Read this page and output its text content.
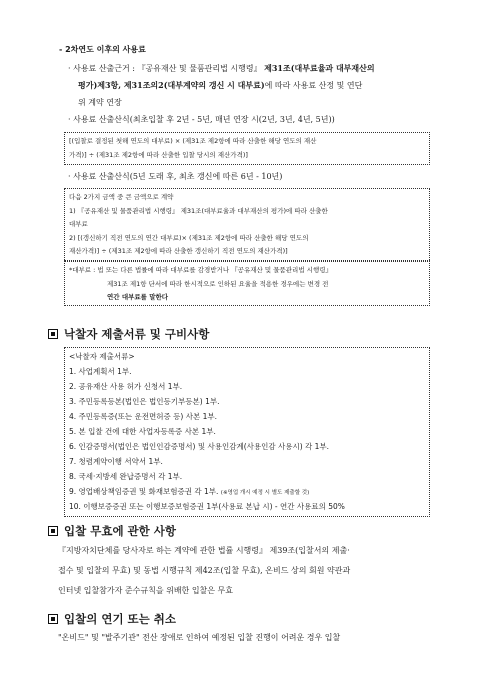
- 2차연도 이후의 사용료
· 사용료 산출근거 : 『공유재산 및 물품관리법 시행령』 제31조(대부료율과 대부재산의
평가)제3항, 제31조의2(대부계약의 갱신 시 대부료)에 따라 사용료 산정 및 연단
위 계약 연장
· 사용료 산출산식(최초입찰 후 2년 - 5년, 매년 연장 시(2년, 3년, 4년, 5년))
[(입찰로 결정된 첫해 연도의 대부료) × (제31조 제2항에 따라 산출한 해당 연도의 재산
가격)] ÷ (제31조 제2항에 따라 산출한 입찰 당시의 재산가격)]
· 사용료 산출산식(5년 도래 후, 최초 갱신에 따른 6년 - 10년)
다음 2가지 금액 중 큰 금액으로 계약
1) 『공유재산 및 물품관리법 시행령』 제31조(대부료율과 대부재산의 평가)에 따라 산출한
대부료
2) [(갱신하기 직전 연도의 연간 대부료)× (제31조 제2항에 따라 산출한 해당 연도의
재산가격)] ÷ (제31조 제2항에 따라 산출한 갱신하기 직전 연도의 재산가격)]
*대부료 : 법 또는 다른 법률에 따라 대부료를 감경받거나 『공유재산 및 물품관리법 시행령』
제31조 제1항 단서에 따라 한시적으로 인하된 요율을 적용한 경우에는 변경 전
연간 대부료를 말한다
낙찰자 제출서류 및 구비사항
<낙찰자 제출서류>
1. 사업계획서 1부.
2. 공유재산 사용 허가 신청서 1부.
3. 주민등록등본(법인은 법인등기부등본) 1부.
4. 주민등록증(또는 운전면허증 등) 사본 1부.
5. 본 입찰 건에 대한 사업자등록증 사본 1부.
6. 인감증명서(법인은 법인인감증명서) 및 사용인감계(사용인감 사용시) 각 1부.
7. 청렴계약이행 서약서 1부.
8. 국세·지방세 완납증명서 각 1부.
9. 영업배상책임증권 및 화재보험증권 각 1부. (※영업 개시 예정 시 별도 제출할 것)
10. 이행보증증권 또는 이행보증보험증권 1부(사용료 본납 시) - 연간 사용료의 50%
입찰 무효에 관한 사항
『지방자치단체를 당사자로 하는 계약에 관한 법률 시행령』 제39조(입찰서의 제출·
접수 및 입찰의 무효) 및 동법 시행규칙 제42조(입찰 무효), 온비드 상의 회원 약관과
인터넷 입찰참가자 준수규칙을 위배한 입찰은 무효
입찰의 연기 또는 취소
"온비드" 및 "발주기관" 전산 장애로 인하여 예정된 입찰 진행이 어려운 경우 입찰
